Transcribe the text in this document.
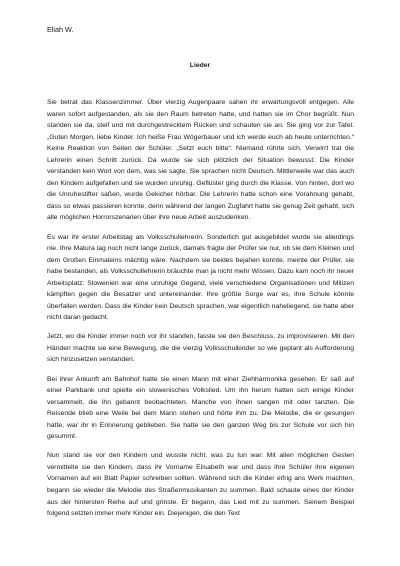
Eliah W.
Lieder

Sie betrat das Klassenzimmer. Über vierzig Augenpaare sahen ihr erwartungsvoll entgegen. Alle waren sofort aufgestanden, als sie den Raum betreten hatte, und hatten sie im Chor begrüßt. Nun standen sie da, steif und mit durchgestrecktem Rücken und schauten sie an. Sie ging vor zur Tafel. „Guten Morgen, liebe Kinder. Ich heiße Frau Wögerbauer und ich werde euch ab heute unterrichten.“ Keine Reaktion von Seiten der Schüler. „Setzt euch bitte“. Niemand rührte sich. Verwirrt trat die Lehrerin einen Schritt zurück. Da wurde sie sich plötzlich der Situation bewusst: Die Kinder verstanden kein Wort von dem, was sie sagte. Sie sprachen nicht Deutsch. Mittlerweile war das auch den Kindern aufgefallen und sie wurden unruhig. Geflüster ging durch die Klasse. Von hinten, dort wo die Unruhestifter saßen, wurde Gekicher hörbar. Die Lehrerin hatte schon eine Vorahnung gehabt, dass so etwas passieren konnte, denn während der langen Zugfahrt hatte sie genug Zeit gehabt, sich alle möglichen Horrorszenarien über ihre neue Arbeit auszudenken.

Es war ihr erster Arbeitstag als Volksschullehrerin. Sonderlich gut ausgebildet wurde sie allerdings nie. Ihre Matura lag noch nicht lange zurück, damals fragte der Prüfer sie nur, ob sie dem Kleinen und dem Großen Einmaleins mächtig wäre. Nachdem sie beides bejahen konnte, meinte der Prüfer, sie habe bestanden, als Volksschullehrerin bräuchte man ja nicht mehr Wissen. Dazu kam noch ihr neuer Arbeitsplatz: Slowenien war eine unruhige Gegend, viele verschiedene Organisationen und Milizen kämpften gegen die Besatzer und untereinander. Ihre größte Sorge war es, ihre Schule könnte überfallen werden. Dass die Kinder kein Deutsch sprachen, war eigentlich naheliegend, sie hatte aber nicht daran gedacht.

Jetzt, wo die Kinder immer noch vor ihr standen, fasste sie den Beschluss, zu improvisieren. Mit den Händen machte sie eine Bewegung, die die vierzig Volksschulkinder so wie geplant als Aufforderung sich hinzusetzen verstanden.

Bei ihrer Ankunft am Bahnhof hatte sie einen Mann mit einer Ziehharmonika gesehen. Er saß auf einer Parkbank und spielte ein slowenisches Volkslied. Um ihn herum hatten sich einige Kinder versammelt, die ihn gebannt beobachteten. Manche von ihnen sangen mit oder tanzten. Die Reisende blieb eine Weile bei dem Mann stehen und hörte ihm zu. Die Melodie, die er gesungen hatte, war ihr in Erinnerung geblieben. Sie hatte sie den ganzen Weg bis zur Schule vor sich hin gesummt.

Nun stand sie vor den Kindern und wusste nicht, was zu tun war. Mit allen möglichen Gesten vermittelte sie den Kindern, dass ihr Vorname Elisabeth war und dass ihre Schüler ihre eigenen Vornamen auf ein Blatt Papier schreiben sollten. Während sich die Kinder eifrig ans Werk machten, begann sie wieder die Melodie des Straßenmusikanten zu summen. Bald schaute eines der Kinder aus der hintersten Reihe auf und grinste. Er begann, das Lied mit zu summen. Seinem Beispiel folgend setzten immer mehr Kinder ein. Diejenigen, die den Text
